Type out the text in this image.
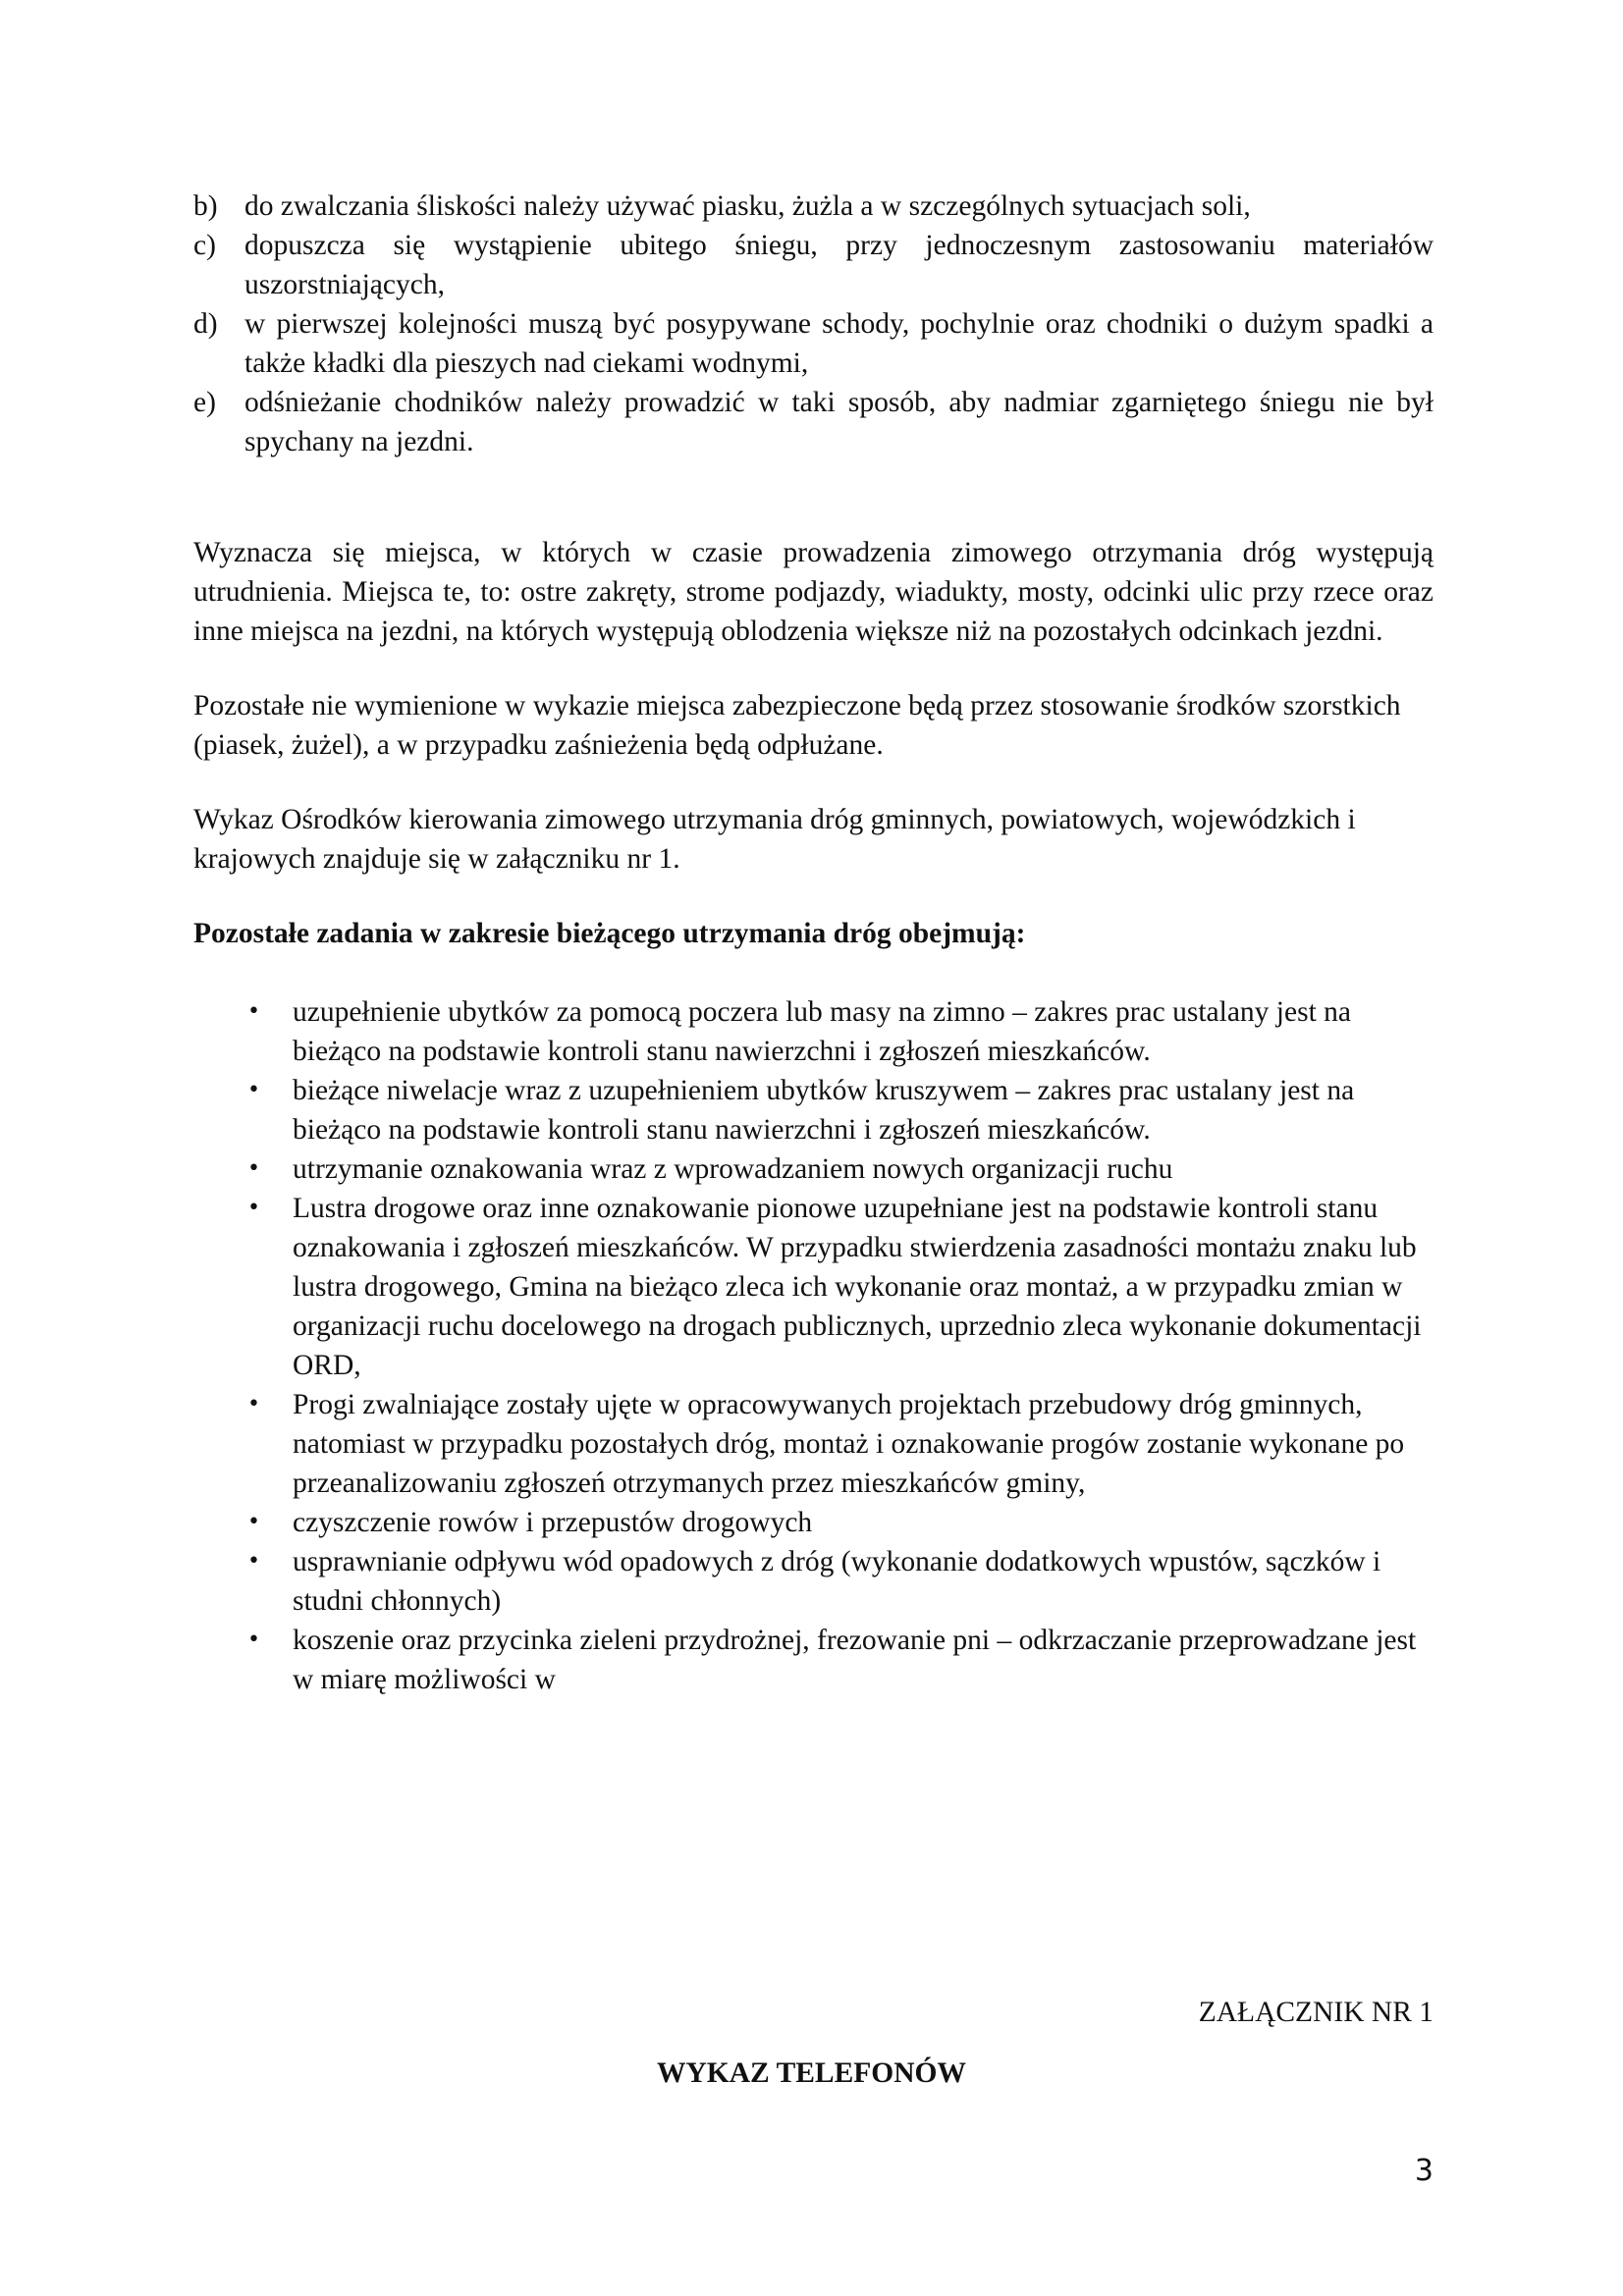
b) do zwalczania śliskości należy używać piasku, żużla a w szczególnych sytuacjach soli,
c) dopuszcza się wystąpienie ubitego śniegu, przy jednoczesnym zastosowaniu materiałów uszorstniających,
d) w pierwszej kolejności muszą być posypywane schody, pochylnie oraz chodniki o dużym spadki a także kładki dla pieszych nad ciekami wodnymi,
e) odśnieżanie chodników należy prowadzić w taki sposób, aby nadmiar zgarniętego śniegu nie był spychany na jezdni.

Wyznacza się miejsca, w których w czasie prowadzenia zimowego otrzymania dróg występują utrudnienia. Miejsca te, to: ostre zakręty, strome podjazdy, wiadukty, mosty, odcinki ulic przy rzece oraz inne miejsca na jezdni, na których występują oblodzenia większe niż na pozostałych odcinkach jezdni.

Pozostałe nie wymienione w wykazie miejsca zabezpieczone będą przez stosowanie środków szorstkich (piasek, żużel), a w przypadku zaśnieżenia będą odpłużane.

Wykaz Ośrodków kierowania zimowego utrzymania dróg gminnych, powiatowych, wojewódzkich i krajowych znajduje się w załączniku nr 1.

Pozostałe zadania w zakresie bieżącego utrzymania dróg obejmują:

• uzupełnienie ubytków za pomocą poczera lub masy na zimno – zakres prac ustalany jest na bieżąco na podstawie kontroli stanu nawierzchni i zgłoszeń mieszkańców.
• bieżące niwelacje wraz z uzupełnieniem ubytków kruszywem – zakres prac ustalany jest na bieżąco na podstawie kontroli stanu nawierzchni i zgłoszeń mieszkańców.
• utrzymanie oznakowania wraz z wprowadzaniem nowych organizacji ruchu
• Lustra drogowe oraz inne oznakowanie pionowe uzupełniane jest na podstawie kontroli stanu oznakowania i zgłoszeń mieszkańców. W przypadku stwierdzenia zasadności montażu znaku lub lustra drogowego, Gmina na bieżąco zleca ich wykonanie oraz montaż, a w przypadku zmian w organizacji ruchu docelowego na drogach publicznych, uprzednio zleca wykonanie dokumentacji ORD,
• Progi zwalniające zostały ujęte w opracowywanych projektach przebudowy dróg gminnych, natomiast w przypadku pozostałych dróg, montaż i oznakowanie progów zostanie wykonane po przeanalizowaniu zgłoszeń otrzymanych przez mieszkańców gminy,
• czyszczenie rowów i przepustów drogowych
• usprawnianie odpływu wód opadowych z dróg (wykonanie dodatkowych wpustów, sączków i studni chłonnych)
• koszenie oraz przycinka zieleni przydrożnej, frezowanie pni – odkrzaczanie przeprowadzane jest w miarę możliwości w
ZAŁĄCZNIK NR 1
WYKAZ TELEFONÓW
3
